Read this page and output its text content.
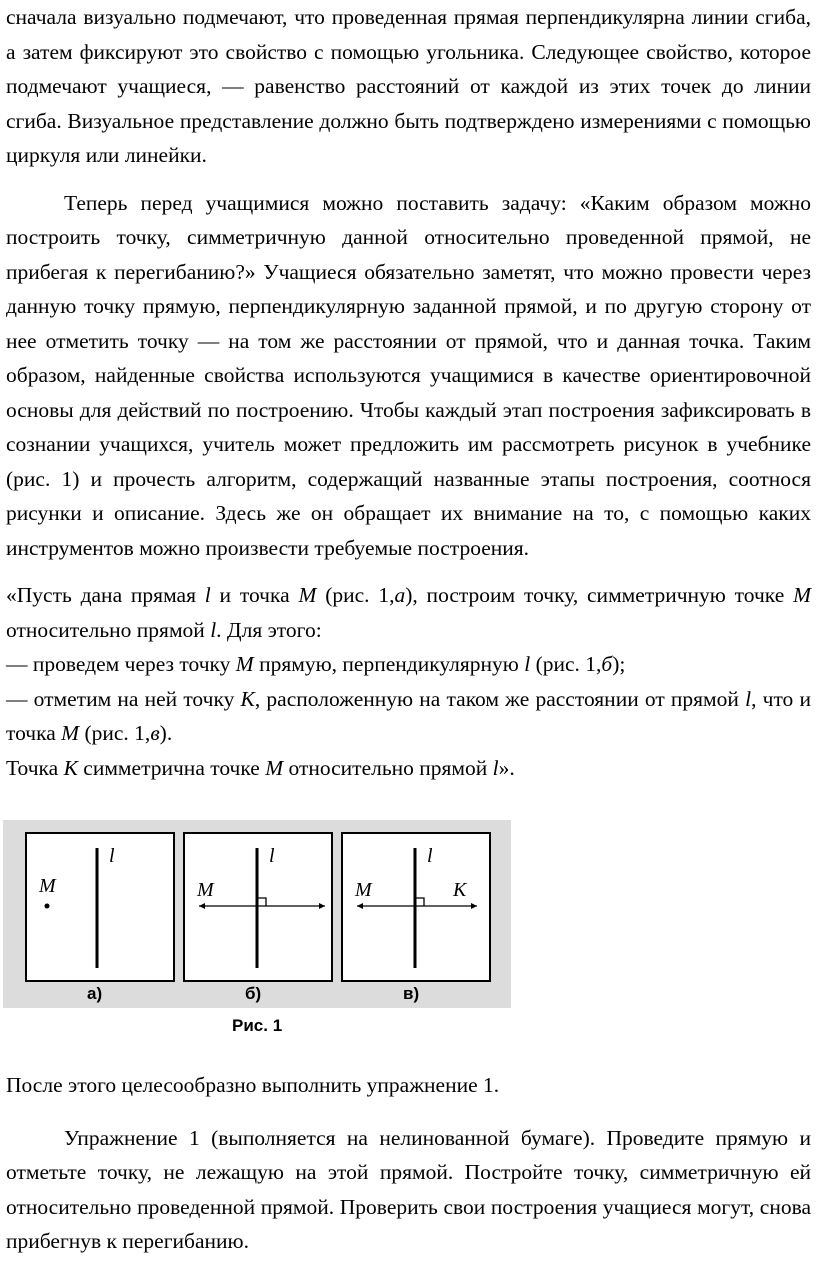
сначала визуально подмечают, что проведенная прямая перпендикулярна линии сгиба, а затем фиксируют это свойство с помощью угольника. Следующее свойство, которое подмечают учащиеся, — равенство расстояний от каждой из этих точек до линии сгиба. Визуальное представление должно быть подтверждено измерениями с помощью циркуля или линейки.

Теперь перед учащимися можно поставить задачу: «Каким образом можно построить точку, симметричную данной относительно проведенной прямой, не прибегая к перегибанию?» Учащиеся обязательно заметят, что можно провести через данную точку прямую, перпендикулярную заданной прямой, и по другую сторону от нее отметить точку — на том же расстоянии от прямой, что и данная точка. Таким образом, найденные свойства используются учащимися в качестве ориентировочной основы для действий по построению. Чтобы каждый этап построения зафиксировать в сознании учащихся, учитель может предложить им рассмотреть рисунок в учебнике (рис. 1) и прочесть алгоритм, содержащий названные этапы построения, соотнося рисунки и описание. Здесь же он обращает их внимание на то, с помощью каких инструментов можно произвести требуемые построения.

«Пусть дана прямая l и точка M (рис. 1,а), построим точку, симметричную точке M относительно прямой l. Для этого:

— проведем через точку M прямую, перпендикулярную l (рис. 1,б);

— отметим на ней точку K, расположенную на таком же расстоянии от прямой l, что и точка M (рис. 1,в).

Точка K симметрична точке M относительно прямой l».

l
M
l
M
l
M	K
а)	б)	в)
Рис. 1

После этого целесообразно выполнить упражнение 1.

Упражнение 1 (выполняется на нелинованной бумаге). Проведите прямую и отметьте точку, не лежащую на этой прямой. Постройте точку, симметричную ей относительно проведенной прямой. Проверить свои построения учащиеся могут, снова прибегнув к перегибанию.
